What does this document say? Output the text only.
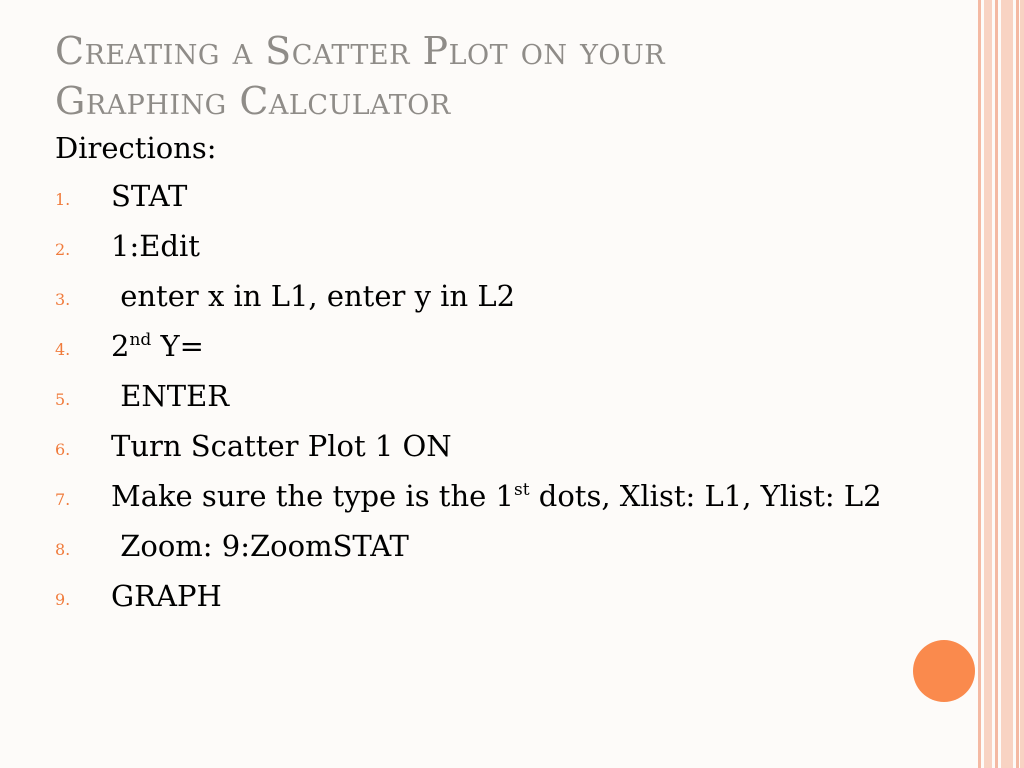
Creating a Scatter Plot on your
Graphing Calculator
Directions:
1. STAT
2. 1:Edit
3. enter x in L1, enter y in L2
4. 2nd Y=
5. ENTER
6. Turn Scatter Plot 1 ON
7. Make sure the type is the 1st dots, Xlist: L1, Ylist: L2
8. Zoom: 9:ZoomSTAT
9. GRAPH
